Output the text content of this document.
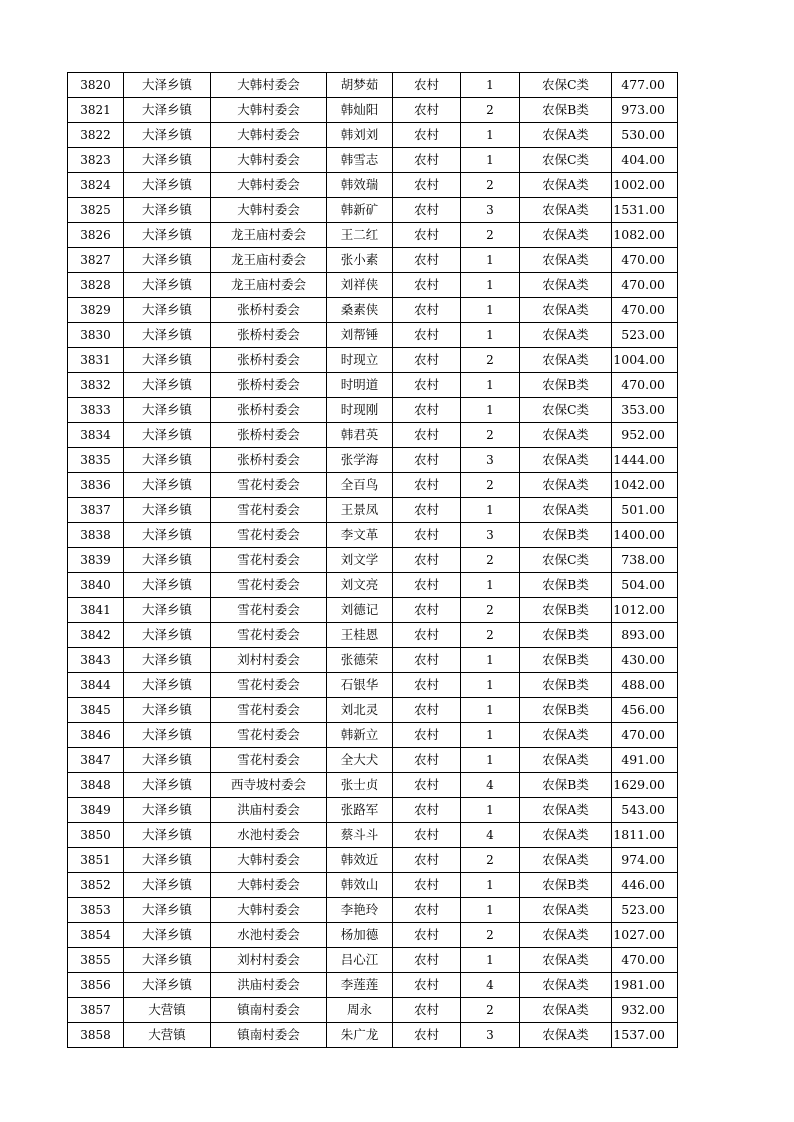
3820	大泽乡镇	大韩村委会	胡梦茹	农村	1	农保C类	477.00
3821	大泽乡镇	大韩村委会	韩灿阳	农村	2	农保B类	973.00
3822	大泽乡镇	大韩村委会	韩刘刘	农村	1	农保A类	530.00
3823	大泽乡镇	大韩村委会	韩雪志	农村	1	农保C类	404.00
3824	大泽乡镇	大韩村委会	韩效瑞	农村	2	农保A类	1002.00
3825	大泽乡镇	大韩村委会	韩新矿	农村	3	农保A类	1531.00
3826	大泽乡镇	龙王庙村委会	王二红	农村	2	农保A类	1082.00
3827	大泽乡镇	龙王庙村委会	张小素	农村	1	农保A类	470.00
3828	大泽乡镇	龙王庙村委会	刘祥侠	农村	1	农保A类	470.00
3829	大泽乡镇	张桥村委会	桑素侠	农村	1	农保A类	470.00
3830	大泽乡镇	张桥村委会	刘帮锤	农村	1	农保A类	523.00
3831	大泽乡镇	张桥村委会	时现立	农村	2	农保A类	1004.00
3832	大泽乡镇	张桥村委会	时明道	农村	1	农保B类	470.00
3833	大泽乡镇	张桥村委会	时现刚	农村	1	农保C类	353.00
3834	大泽乡镇	张桥村委会	韩君英	农村	2	农保A类	952.00
3835	大泽乡镇	张桥村委会	张学海	农村	3	农保A类	1444.00
3836	大泽乡镇	雪花村委会	全百鸟	农村	2	农保A类	1042.00
3837	大泽乡镇	雪花村委会	王景凤	农村	1	农保A类	501.00
3838	大泽乡镇	雪花村委会	李文革	农村	3	农保B类	1400.00
3839	大泽乡镇	雪花村委会	刘文学	农村	2	农保C类	738.00
3840	大泽乡镇	雪花村委会	刘文亮	农村	1	农保B类	504.00
3841	大泽乡镇	雪花村委会	刘德记	农村	2	农保B类	1012.00
3842	大泽乡镇	雪花村委会	王桂恩	农村	2	农保B类	893.00
3843	大泽乡镇	刘村村委会	张德荣	农村	1	农保B类	430.00
3844	大泽乡镇	雪花村委会	石银华	农村	1	农保B类	488.00
3845	大泽乡镇	雪花村委会	刘北灵	农村	1	农保B类	456.00
3846	大泽乡镇	雪花村委会	韩新立	农村	1	农保A类	470.00
3847	大泽乡镇	雪花村委会	全大犬	农村	1	农保A类	491.00
3848	大泽乡镇	西寺坡村委会	张士贞	农村	4	农保B类	1629.00
3849	大泽乡镇	洪庙村委会	张路军	农村	1	农保A类	543.00
3850	大泽乡镇	水池村委会	蔡斗斗	农村	4	农保A类	1811.00
3851	大泽乡镇	大韩村委会	韩效近	农村	2	农保A类	974.00
3852	大泽乡镇	大韩村委会	韩效山	农村	1	农保B类	446.00
3853	大泽乡镇	大韩村委会	李艳玲	农村	1	农保A类	523.00
3854	大泽乡镇	水池村委会	杨加德	农村	2	农保A类	1027.00
3855	大泽乡镇	刘村村委会	吕心江	农村	1	农保A类	470.00
3856	大泽乡镇	洪庙村委会	李莲莲	农村	4	农保A类	1981.00
3857	大营镇	镇南村委会	周永	农村	2	农保A类	932.00
3858	大营镇	镇南村委会	朱广龙	农村	3	农保A类	1537.00
